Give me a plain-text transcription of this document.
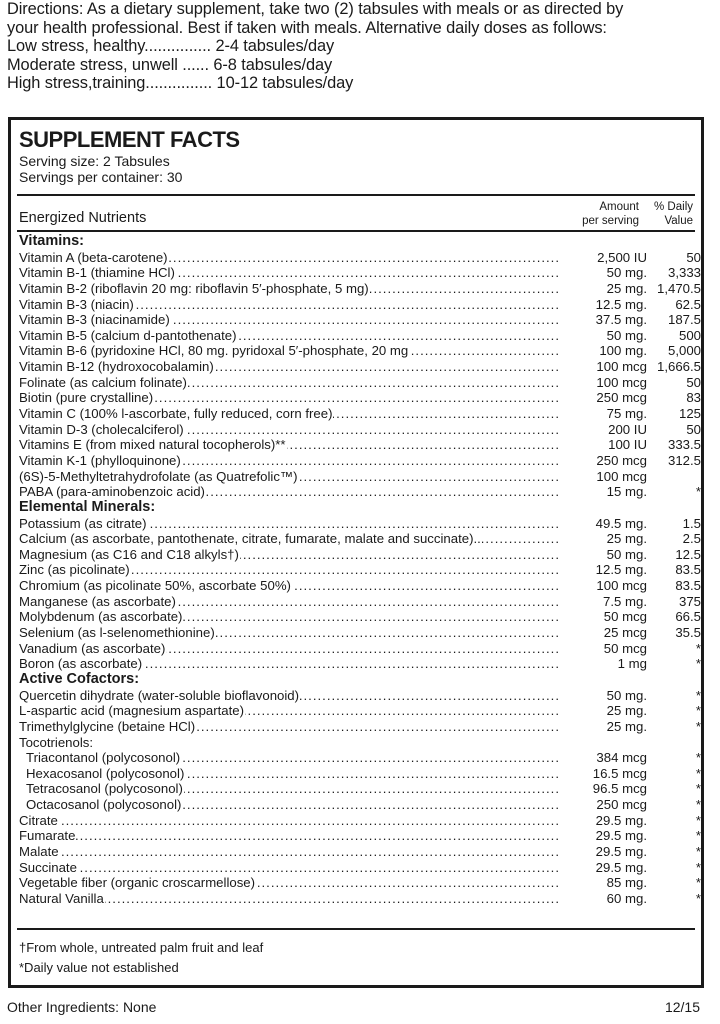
Directions: As a dietary supplement, take two (2) tabsules with meals or as directed by
your health professional. Best if taken with meals. Alternative daily doses as follows:
Low stress, healthy............... 2-4 tabsules/day
Moderate stress, unwell ...... 6-8 tabsules/day
High stress,training............... 10-12 tabsules/day
SUPPLEMENT FACTS
Serving size: 2 Tabsules
Servings per container: 30
Energized Nutrients
Amount
per serving
% Daily
Value
Vitamins:
Vitamin A (beta-carotene) .....	2,500 IU	50
Vitamin B-1 (thiamine HCl) .....	50 mg.	3,333
Vitamin B-2 (riboflavin 20 mg: riboflavin 5′-phosphate, 5 mg) .....	25 mg. 1,470.5
Vitamin B-3 (niacin) .....	12.5 mg.	62.5
Vitamin B-3 (niacinamide) .....	37.5 mg.	187.5
Vitamin B-5 (calcium d-pantothenate) .....	50 mg.	500
Vitamin B-6 (pyridoxine HCl, 80 mg. pyridoxal 5′-phosphate, 20 mg .....	100 mg.	5,000
Vitamin B-12 (hydroxocobalamin) .....	100 mcg 1,666.5
Folinate (as calcium folinate) .....	100 mcg	50
Biotin (pure crystalline) .....	250 mcg	83
Vitamin C (100% l-ascorbate, fully reduced, corn free) .....	75 mg.	125
Vitamin D-3 (cholecalciferol) .....	200 IU	50
Vitamins E (from mixed natural tocopherols)** .....	100 IU	333.5
Vitamin K-1 (phylloquinone) .....	250 mcg	312.5
(6S)-5-Methyltetrahydrofolate (as Quatrefolic™) .....	100 mcg
PABA (para-aminobenzoic acid) .....	15 mg.	*
Elemental Minerals:
Potassium (as citrate) .....	49.5 mg.	1.5
Calcium (as ascorbate, pantothenate, citrate, fumarate, malate and succinate).. .....	25 mg.	2.5
Magnesium (as C16 and C18 alkyls†) .....	50 mg.	12.5
Zinc (as picolinate) .....	12.5 mg.	83.5
Chromium (as picolinate 50%, ascorbate 50%) .....	100 mcg	83.5
Manganese (as ascorbate) .....	7.5 mg.	375
Molybdenum (as ascorbate) .....	50 mcg	66.5
Selenium (as l-selenomethionine) .....	25 mcg	35.5
Vanadium (as ascorbate) .....	50 mcg	*
Boron (as ascorbate) .....	1 mg	*
Active Cofactors:
Quercetin dihydrate (water-soluble bioflavonoid) .....	50 mg.	*
L-aspartic acid (magnesium aspartate) .....	25 mg.	*
Trimethylglycine (betaine HCl) .....	25 mg.	*
Tocotrienols:
Triacontanol (polycosonol) .....	384 mcg	*
Hexacosanol (polycosonol) .....	16.5 mcg	*
Tetracosanol (polycosonol) .....	96.5 mcg	*
Octacosanol (polycosonol) .....	250 mcg	*
Citrate .....	29.5 mg.	*
Fumarate .....	29.5 mg.	*
Malate .....	29.5 mg.	*
Succinate .....	29.5 mg.	*
Vegetable fiber (organic croscarmellose) .....	85 mg.	*
Natural Vanilla .....	60 mg.	*
†From whole, untreated palm fruit and leaf
*Daily value not established
Other Ingredients: None	12/15
